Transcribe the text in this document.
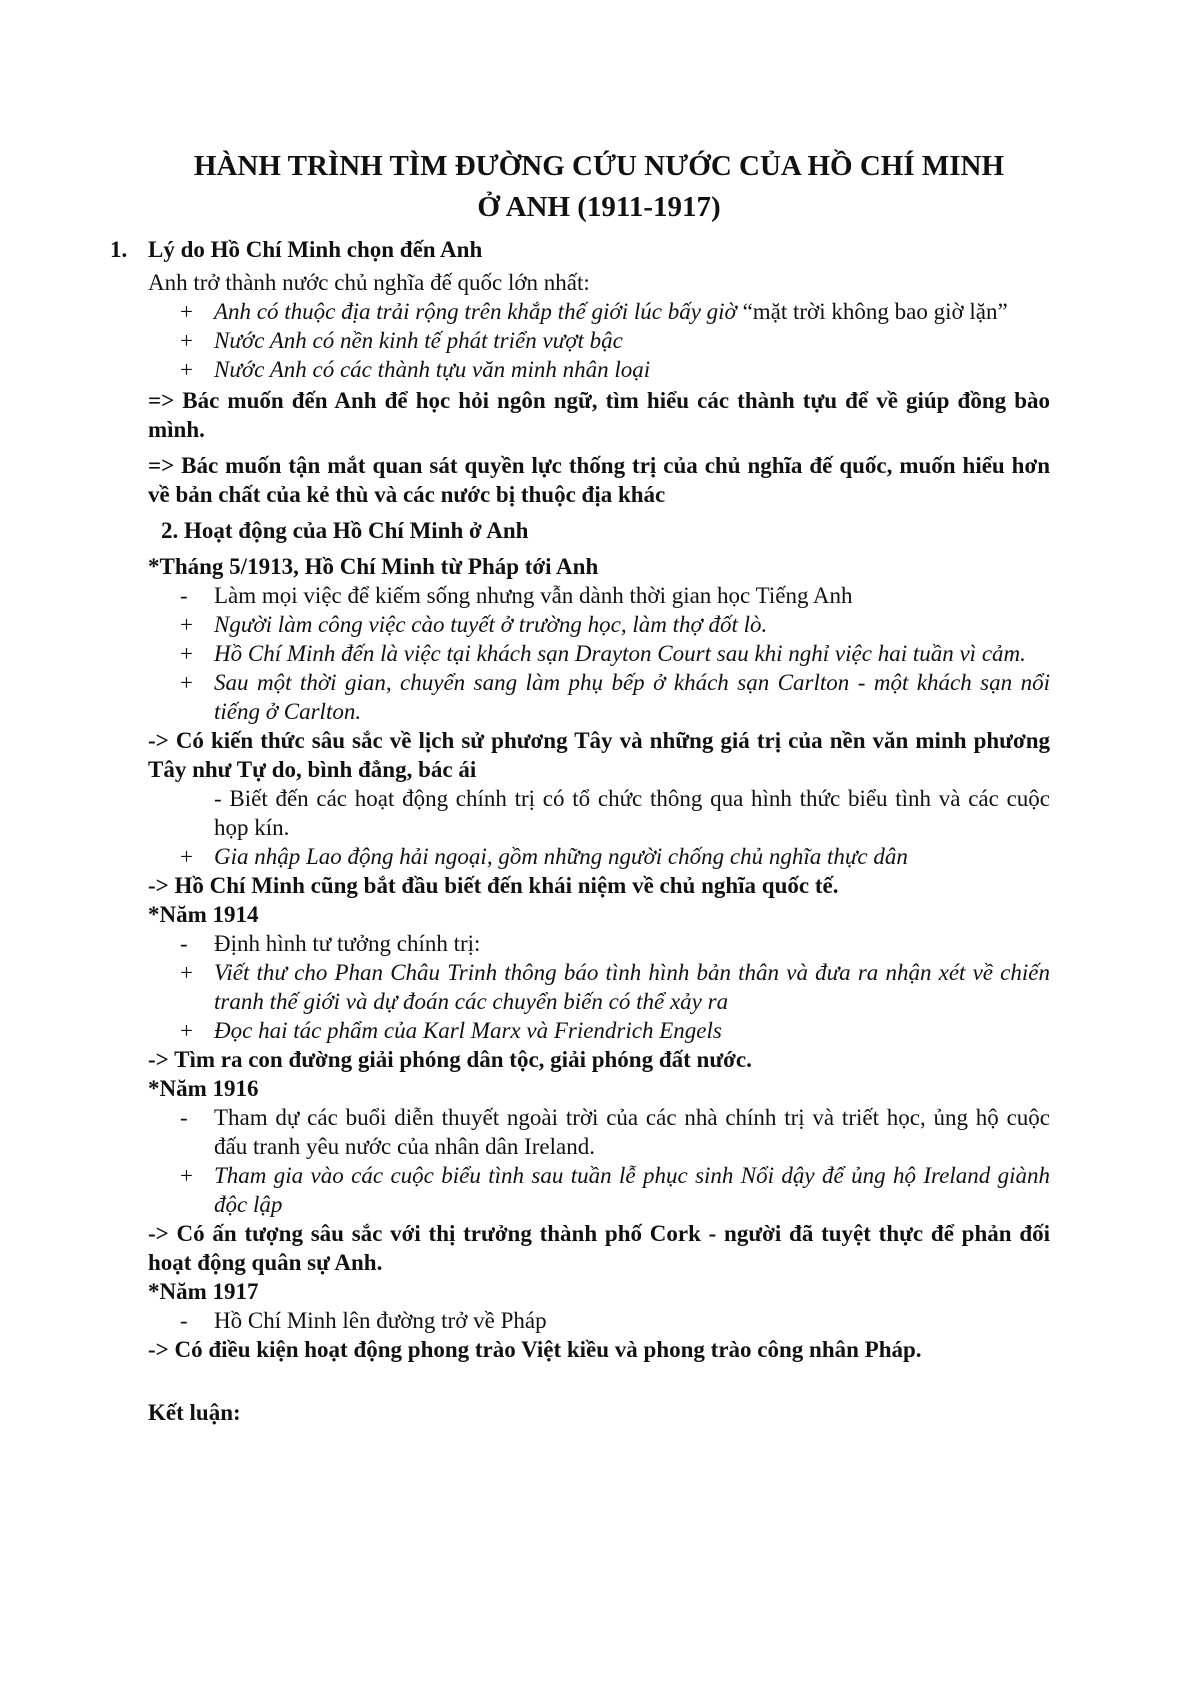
HÀNH TRÌNH TÌM ĐƯỜNG CỨU NƯỚC CỦA HỒ CHÍ MINH

Ở ANH (1911-1917)

1. Lý do Hồ Chí Minh chọn đến Anh

Anh trở thành nước chủ nghĩa đế quốc lớn nhất:

+ Anh có thuộc địa trải rộng trên khắp thế giới lúc bấy giờ “mặt trời không bao giờ lặn”
+ Nước Anh có nền kinh tế phát triển vượt bậc
+ Nước Anh có các thành tựu văn minh nhân loại

=> Bác muốn đến Anh để học hỏi ngôn ngữ, tìm hiểu các thành tựu để về giúp đồng bào mình.

=> Bác muốn tận mắt quan sát quyền lực thống trị của chủ nghĩa đế quốc, muốn hiểu hơn về bản chất của kẻ thù và các nước bị thuộc địa khác

2. Hoạt động của Hồ Chí Minh ở Anh

*Tháng 5/1913, Hồ Chí Minh từ Pháp tới Anh

-	Làm mọi việc để kiếm sống nhưng vẫn dành thời gian học Tiếng Anh
+ Người làm công việc cào tuyết ở trường học, làm thợ đốt lò.
+ Hồ Chí Minh đến là việc tại khách sạn Drayton Court sau khi nghỉ việc hai tuần vì cảm.
+ Sau một thời gian, chuyển sang làm phụ bếp ở khách sạn Carlton - một khách sạn nổi tiếng ở Carlton.

-> Có kiến thức sâu sắc về lịch sử phương Tây và những giá trị của nền văn minh phương Tây như Tự do, bình đẳng, bác ái

- Biết đến các hoạt động chính trị có tổ chức thông qua hình thức biểu tình và các cuộc họp kín.

+ Gia nhập Lao động hải ngoại, gồm những người chống chủ nghĩa thực dân

-> Hồ Chí Minh cũng bắt đầu biết đến khái niệm về chủ nghĩa quốc tế.

*Năm 1914

-	Định hình tư tưởng chính trị:
+ Viết thư cho Phan Châu Trinh thông báo tình hình bản thân và đưa ra nhận xét về chiến tranh thế giới và dự đoán các chuyển biến có thể xảy ra
+ Đọc hai tác phẩm của Karl Marx và Friendrich Engels

-> Tìm ra con đường giải phóng dân tộc, giải phóng đất nước.

*Năm 1916

-	Tham dự các buổi diễn thuyết ngoài trời của các nhà chính trị và triết học, ủng hộ cuộc đấu tranh yêu nước của nhân dân Ireland.
+ Tham gia vào các cuộc biểu tình sau tuần lễ phục sinh Nổi dậy để ủng hộ Ireland giành độc lập

-> Có ấn tượng sâu sắc với thị trưởng thành phố Cork - người đã tuyệt thực để phản đối hoạt động quân sự Anh.

*Năm 1917

-	Hồ Chí Minh lên đường trở về Pháp

-> Có điều kiện hoạt động phong trào Việt kiều và phong trào công nhân Pháp.

Kết luận:
